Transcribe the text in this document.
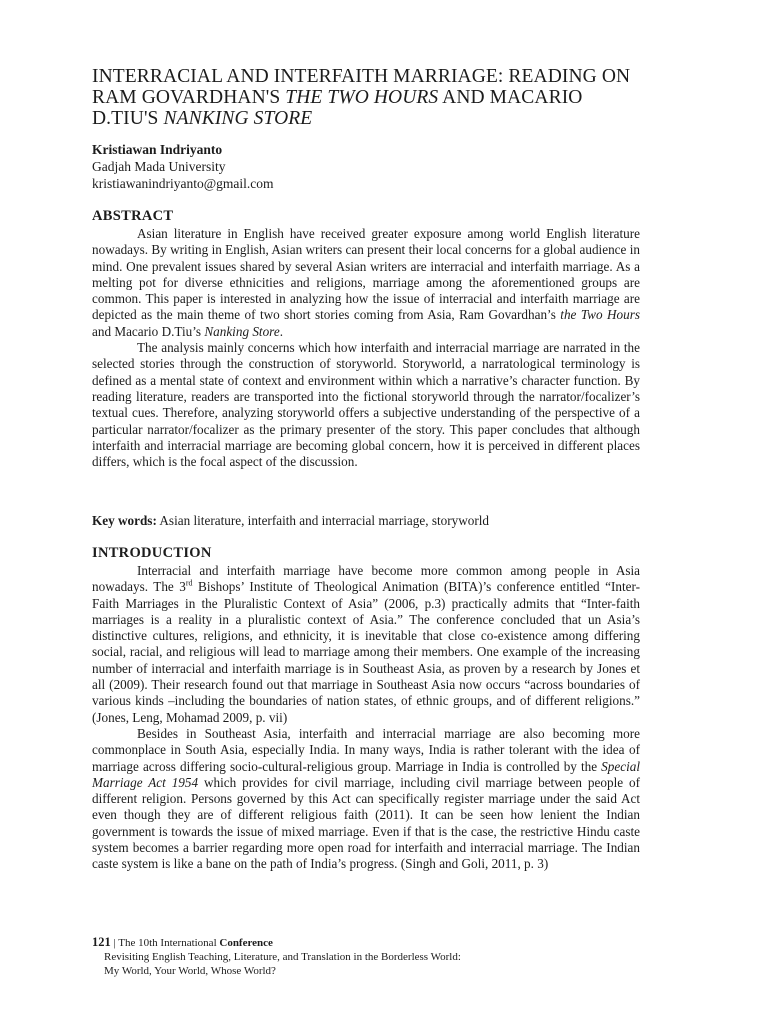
INTERRACIAL AND INTERFAITH MARRIAGE: READING ON
RAM GOVARDHAN'S THE TWO HOURS AND MACARIO
D.TIU'S NANKING STORE
Kristiawan Indriyanto
Gadjah Mada University
kristiawanindriyanto@gmail.com
ABSTRACT

Asian literature in English have received greater exposure among world English literature nowadays. By writing in English, Asian writers can present their local concerns for a global audience in mind. One prevalent issues shared by several Asian writers are interracial and interfaith marriage. As a melting pot for diverse ethnicities and religions, marriage among the aforementioned groups are common. This paper is interested in analyzing how the issue of interracial and interfaith marriage are depicted as the main theme of two short stories coming from Asia, Ram Govardhan’s the Two Hours and Macario D.Tiu’s Nanking Store.

The analysis mainly concerns which how interfaith and interracial marriage are narrated in the selected stories through the construction of storyworld. Storyworld, a narratological terminology is defined as a mental state of context and environment within which a narrative’s character function. By reading literature, readers are transported into the fictional storyworld through the narrator/focalizer’s textual cues. Therefore, analyzing storyworld offers a subjective understanding of the perspective of a particular narrator/focalizer as the primary presenter of the story. This paper concludes that although interfaith and interracial marriage are becoming global concern, how it is perceived in different places differs, which is the focal aspect of the discussion.

Key words: Asian literature, interfaith and interracial marriage, storyworld
INTRODUCTION

Interracial and interfaith marriage have become more common among people in Asia nowadays. The 3rd Bishops’ Institute of Theological Animation (BITA)’s conference entitled “Inter-Faith Marriages in the Pluralistic Context of Asia” (2006, p.3) practically admits that “Inter-faith marriages is a reality in a pluralistic context of Asia.” The conference concluded that un Asia’s distinctive cultures, religions, and ethnicity, it is inevitable that close co-existence among differing social, racial, and religious will lead to marriage among their members. One example of the increasing number of interracial and interfaith marriage is in Southeast Asia, as proven by a research by Jones et all (2009). Their research found out that marriage in Southeast Asia now occurs “across boundaries of various kinds –including the boundaries of nation states, of ethnic groups, and of different religions.” (Jones, Leng, Mohamad 2009, p. vii)

Besides in Southeast Asia, interfaith and interracial marriage are also becoming more commonplace in South Asia, especially India. In many ways, India is rather tolerant with the idea of marriage across differing socio-cultural-religious group. Marriage in India is controlled by the Special Marriage Act 1954 which provides for civil marriage, including civil marriage between people of different religion. Persons governed by this Act can specifically register marriage under the said Act even though they are of different religious faith (2011). It can be seen how lenient the Indian government is towards the issue of mixed marriage. Even if that is the case, the restrictive Hindu caste system becomes a barrier regarding more open road for interfaith and interracial marriage. The Indian caste system is like a bane on the path of India’s progress. (Singh and Goli, 2011, p. 3)

121 | The 10th International Conference
Revisiting English Teaching, Literature, and Translation in the Borderless World:
My World, Your World, Whose World?
